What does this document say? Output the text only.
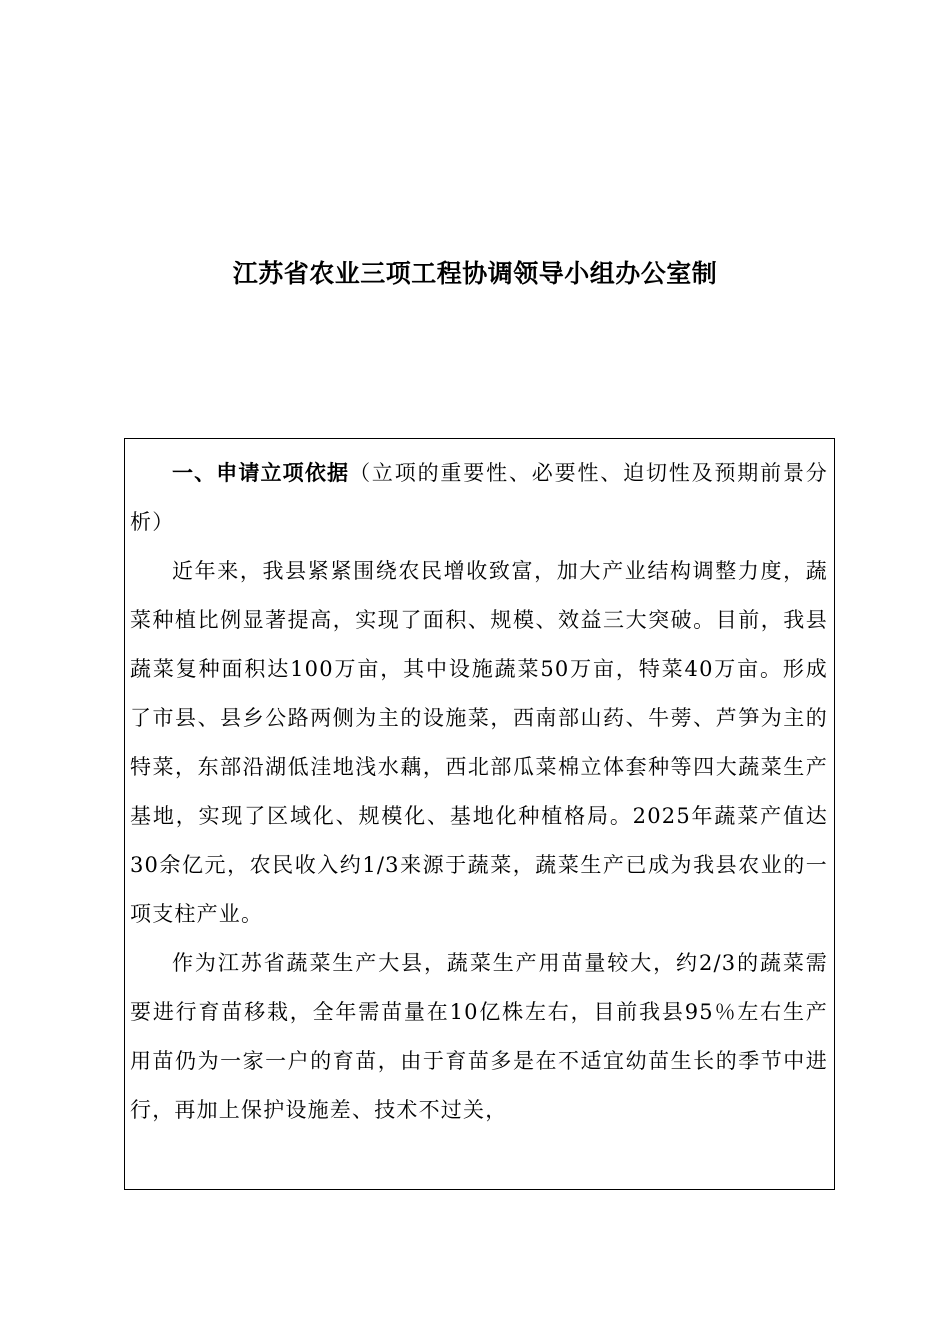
江苏省农业三项工程协调领导小组办公室制

一、申请立项依据（立项的重要性、必要性、迫切性及预期前景分析）

近年来，我县紧紧围绕农民增收致富，加大产业结构调整力度，蔬菜种植比例显著提高，实现了面积、规模、效益三大突破。目前，我县蔬菜复种面积达100万亩，其中设施蔬菜50万亩，特菜40万亩。形成了市县、县乡公路两侧为主的设施菜，西南部山药、牛蒡、芦笋为主的特菜，东部沿湖低洼地浅水藕，西北部瓜菜棉立体套种等四大蔬菜生产基地，实现了区域化、规模化、基地化种植格局。2025年蔬菜产值达30余亿元，农民收入约1/3来源于蔬菜，蔬菜生产已成为我县农业的一项支柱产业。

作为江苏省蔬菜生产大县，蔬菜生产用苗量较大，约2/3的蔬菜需要进行育苗移栽，全年需苗量在10亿株左右，目前我县95％左右生产用苗仍为一家一户的育苗，由于育苗多是在不适宜幼苗生长的季节中进行，再加上保护设施差、技术不过关，
